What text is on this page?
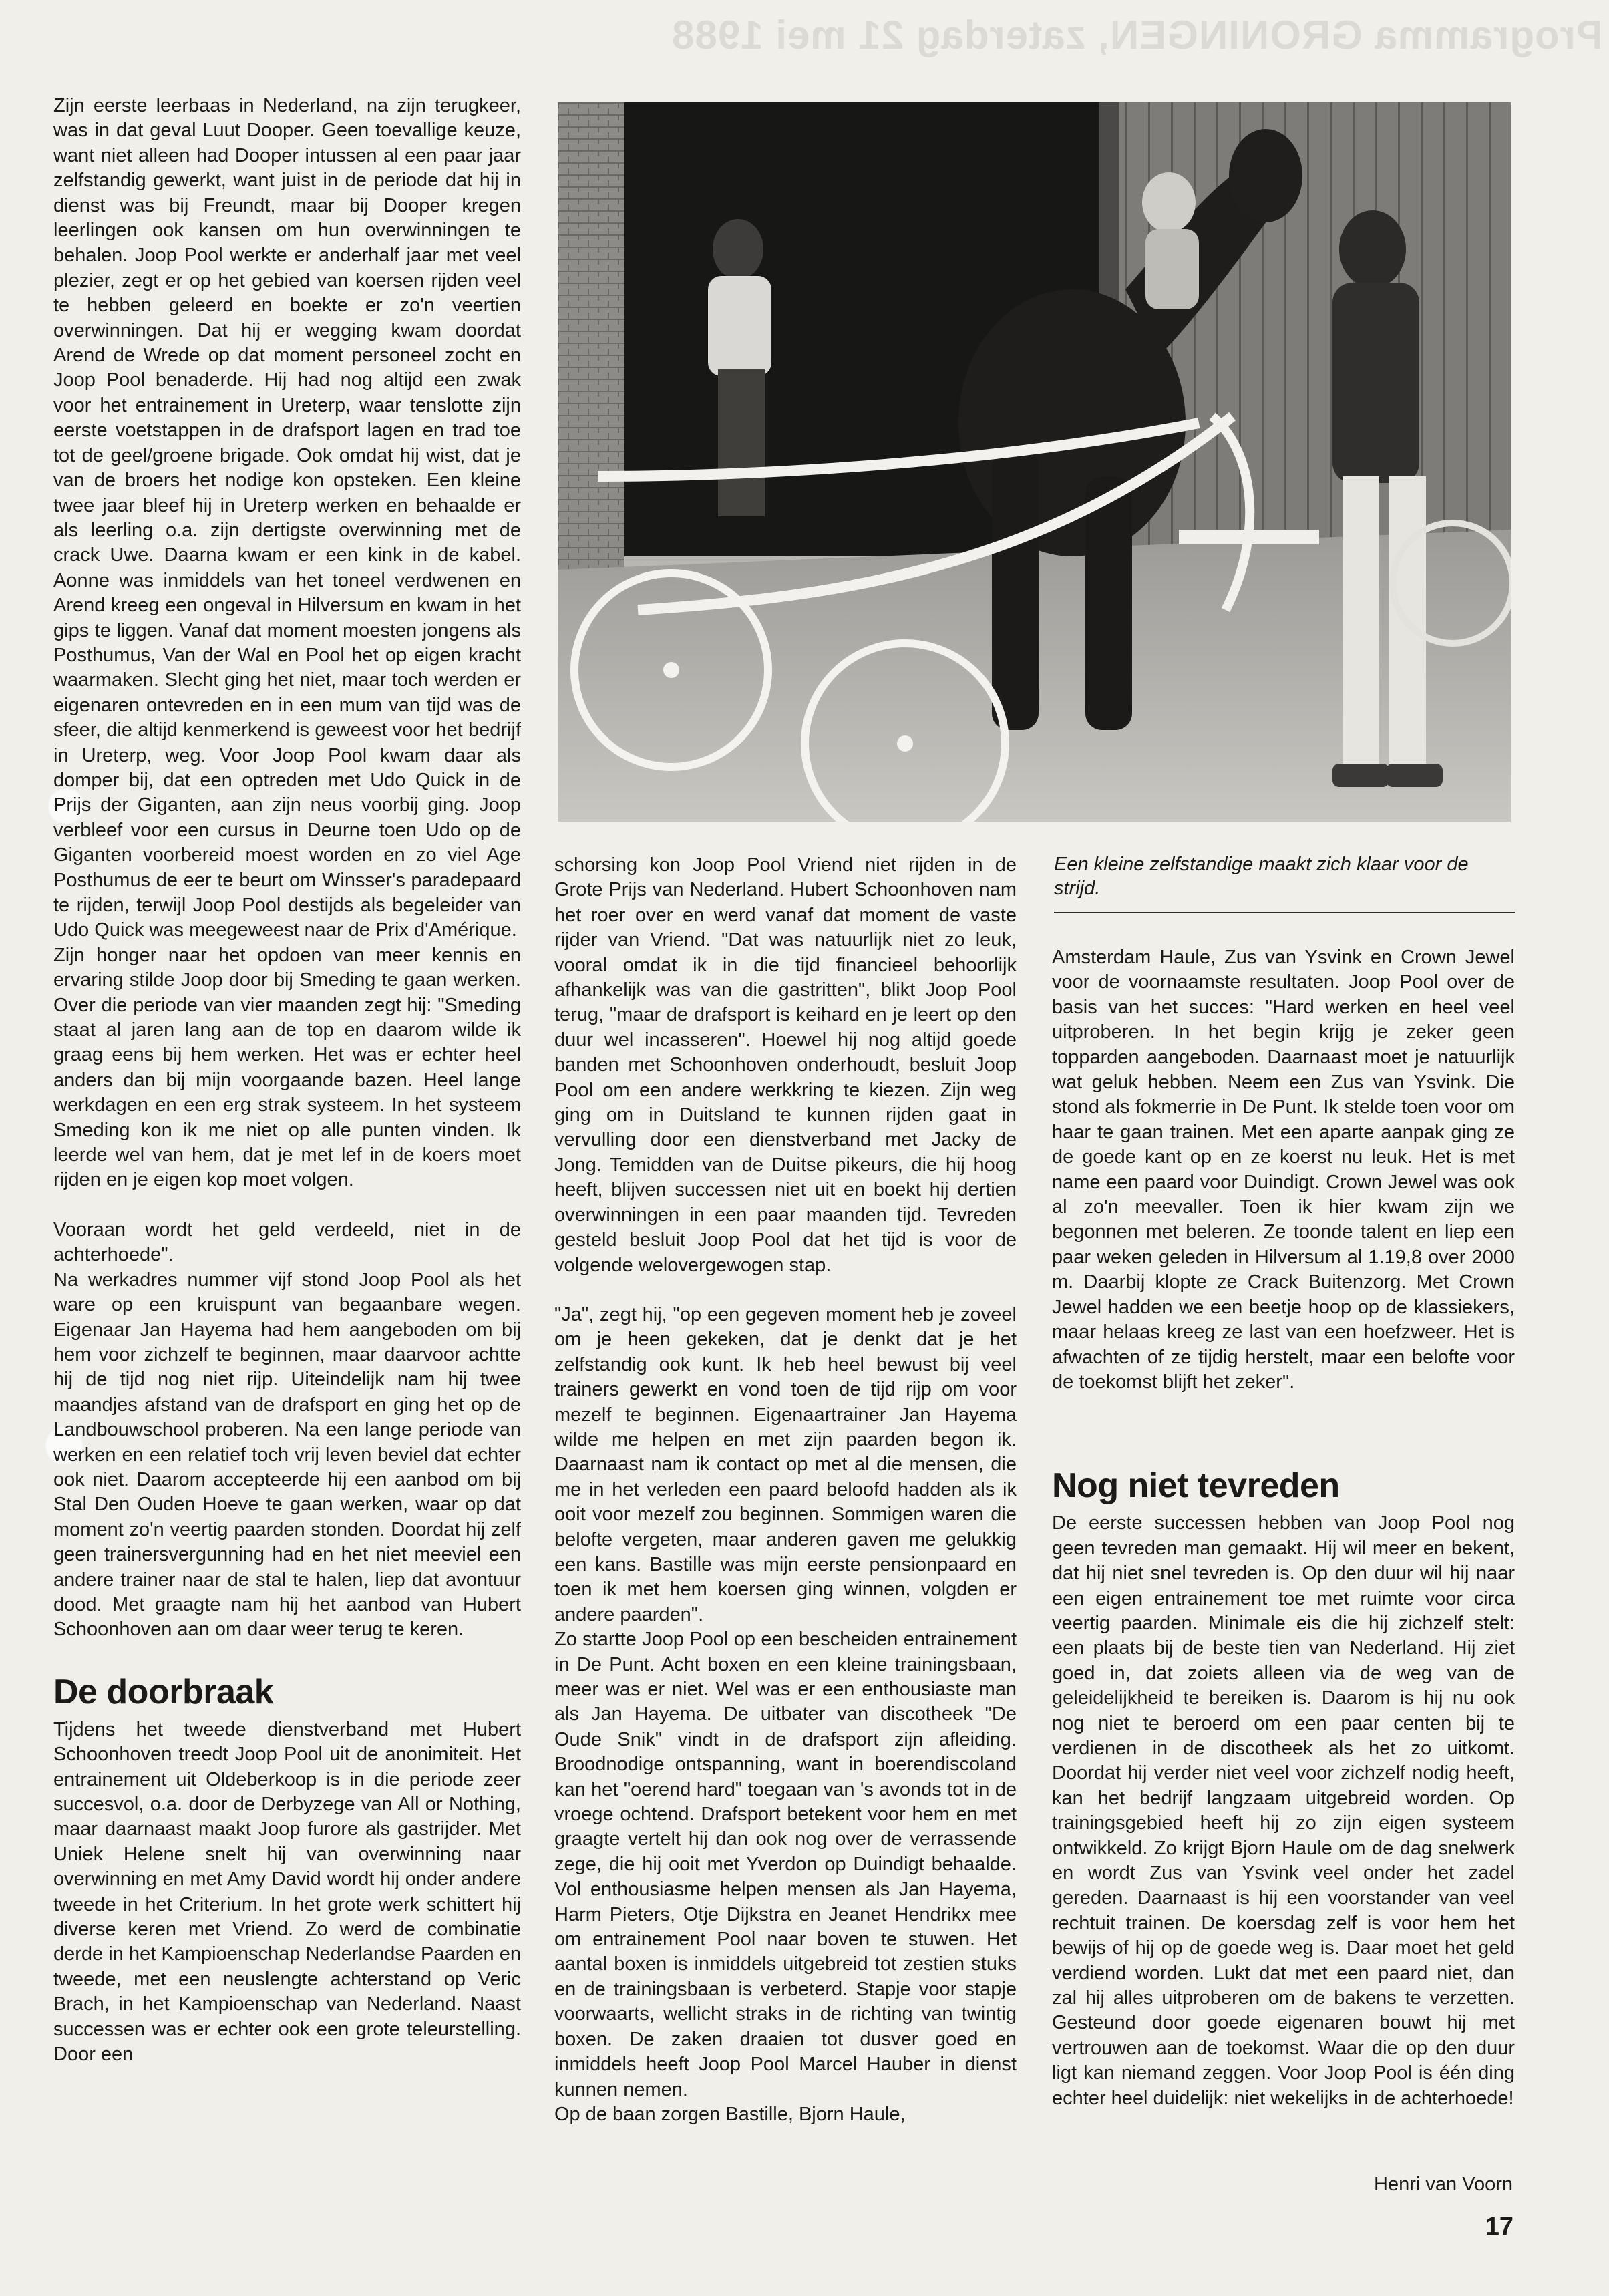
Programma GRONINGEN, zaterdag 21 mei 1988

Zijn eerste leerbaas in Nederland, na zijn terugkeer, was in dat geval Luut Dooper. Geen toevallige keuze, want niet alleen had Dooper intussen al een paar jaar zelfstandig gewerkt, want juist in de periode dat hij in dienst was bij Freundt, maar bij Dooper kregen leerlingen ook kansen om hun overwinningen te behalen. Joop Pool werkte er anderhalf jaar met veel plezier, zegt er op het gebied van koersen rijden veel te hebben geleerd en boekte er zo'n veertien overwinningen. Dat hij er wegging kwam doordat Arend de Wrede op dat moment personeel zocht en Joop Pool benaderde. Hij had nog altijd een zwak voor het entrainement in Ureterp, waar tenslotte zijn eerste voetstappen in de drafsport lagen en trad toe tot de geel/groene brigade. Ook omdat hij wist, dat je van de broers het nodige kon opsteken. Een kleine twee jaar bleef hij in Ureterp werken en behaalde er als leerling o.a. zijn dertigste overwinning met de crack Uwe. Daarna kwam er een kink in de kabel. Aonne was inmiddels van het toneel verdwenen en Arend kreeg een ongeval in Hilversum en kwam in het gips te liggen. Vanaf dat moment moesten jongens als Posthumus, Van der Wal en Pool het op eigen kracht waarmaken. Slecht ging het niet, maar toch werden er eigenaren ontevreden en in een mum van tijd was de sfeer, die altijd kenmerkend is geweest voor het bedrijf in Ureterp, weg. Voor Joop Pool kwam daar als domper bij, dat een optreden met Udo Quick in de Prijs der Giganten, aan zijn neus voorbij ging. Joop verbleef voor een cursus in Deurne toen Udo op de Giganten voorbereid moest worden en zo viel Age Posthumus de eer te beurt om Winsser's paradepaard te rijden, terwijl Joop Pool destijds als begeleider van Udo Quick was meegeweest naar de Prix d'Amérique.

Zijn honger naar het opdoen van meer kennis en ervaring stilde Joop door bij Smeding te gaan werken. Over die periode van vier maanden zegt hij: "Smeding staat al jaren lang aan de top en daarom wilde ik graag eens bij hem werken. Het was er echter heel anders dan bij mijn voorgaande bazen. Heel lange werkdagen en een erg strak systeem. In het systeem Smeding kon ik me niet op alle punten vinden. Ik leerde wel van hem, dat je met lef in de koers moet rijden en je eigen kop moet volgen.

Vooraan wordt het geld verdeeld, niet in de achterhoede".

Na werkadres nummer vijf stond Joop Pool als het ware op een kruispunt van begaanbare wegen. Eigenaar Jan Hayema had hem aangeboden om bij hem voor zichzelf te beginnen, maar daarvoor achtte hij de tijd nog niet rijp. Uiteindelijk nam hij twee maandjes afstand van de drafsport en ging het op de Landbouwschool proberen. Na een lange periode van werken en een relatief toch vrij leven beviel dat echter ook niet. Daarom accepteerde hij een aanbod om bij Stal Den Ouden Hoeve te gaan werken, waar op dat moment zo'n veertig paarden stonden. Doordat hij zelf geen trainersvergunning had en het niet meeviel een andere trainer naar de stal te halen, liep dat avontuur dood. Met graagte nam hij het aanbod van Hubert Schoonhoven aan om daar weer terug te keren.

De doorbraak

Tijdens het tweede dienstverband met Hubert Schoonhoven treedt Joop Pool uit de anonimiteit. Het entrainement uit Oldeberkoop is in die periode zeer succesvol, o.a. door de Derbyzege van All or Nothing, maar daarnaast maakt Joop furore als gastrijder. Met Uniek Helene snelt hij van overwinning naar overwinning en met Amy David wordt hij onder andere tweede in het Criterium. In het grote werk schittert hij diverse keren met Vriend. Zo werd de combinatie derde in het Kampioenschap Nederlandse Paarden en tweede, met een neuslengte achterstand op Veric Brach, in het Kampioenschap van Nederland. Naast successen was er echter ook een grote teleurstelling. Door een

Een kleine zelfstandige maakt zich klaar voor de strijd.

schorsing kon Joop Pool Vriend niet rijden in de Grote Prijs van Nederland. Hubert Schoonhoven nam het roer over en werd vanaf dat moment de vaste rijder van Vriend. "Dat was natuurlijk niet zo leuk, vooral omdat ik in die tijd financieel behoorlijk afhankelijk was van die gastritten", blikt Joop Pool terug, "maar de drafsport is keihard en je leert op den duur wel incasseren". Hoewel hij nog altijd goede banden met Schoonhoven onderhoudt, besluit Joop Pool om een andere werkkring te kiezen. Zijn weg ging om in Duitsland te kunnen rijden gaat in vervulling door een dienstverband met Jacky de Jong. Temidden van de Duitse pikeurs, die hij hoog heeft, blijven successen niet uit en boekt hij dertien overwinningen in een paar maanden tijd. Tevreden gesteld besluit Joop Pool dat het tijd is voor de volgende welovergewogen stap.

"Ja", zegt hij, "op een gegeven moment heb je zoveel om je heen gekeken, dat je denkt dat je het zelfstandig ook kunt. Ik heb heel bewust bij veel trainers gewerkt en vond toen de tijd rijp om voor mezelf te beginnen. Eigenaartrainer Jan Hayema wilde me helpen en met zijn paarden begon ik. Daarnaast nam ik contact op met al die mensen, die me in het verleden een paard beloofd hadden als ik ooit voor mezelf zou beginnen. Sommigen waren die belofte vergeten, maar anderen gaven me gelukkig een kans. Bastille was mijn eerste pensionpaard en toen ik met hem koersen ging winnen, volgden er andere paarden".

Zo startte Joop Pool op een bescheiden entrainement in De Punt. Acht boxen en een kleine trainingsbaan, meer was er niet. Wel was er een enthousiaste man als Jan Hayema. De uitbater van discotheek "De Oude Snik" vindt in de drafsport zijn afleiding. Broodnodige ontspanning, want in boerendiscoland kan het "oerend hard" toegaan van 's avonds tot in de vroege ochtend. Drafsport betekent voor hem en met graagte vertelt hij dan ook nog over de verrassende zege, die hij ooit met Yverdon op Duindigt behaalde. Vol enthousiasme helpen mensen als Jan Hayema, Harm Pieters, Otje Dijkstra en Jeanet Hendrikx mee om entrainement Pool naar boven te stuwen. Het aantal boxen is inmiddels uitgebreid tot zestien stuks en de trainingsbaan is verbeterd. Stapje voor stapje voorwaarts, wellicht straks in de richting van twintig boxen. De zaken draaien tot dusver goed en inmiddels heeft Joop Pool Marcel Hauber in dienst kunnen nemen.

Op de baan zorgen Bastille, Bjorn Haule,

Amsterdam Haule, Zus van Ysvink en Crown Jewel voor de voornaamste resultaten. Joop Pool over de basis van het succes: "Hard werken en heel veel uitproberen. In het begin krijg je zeker geen topparden aangeboden. Daarnaast moet je natuurlijk wat geluk hebben. Neem een Zus van Ysvink. Die stond als fokmerrie in De Punt. Ik stelde toen voor om haar te gaan trainen. Met een aparte aanpak ging ze de goede kant op en ze koerst nu leuk. Het is met name een paard voor Duindigt. Crown Jewel was ook al zo'n meevaller. Toen ik hier kwam zijn we begonnen met beleren. Ze toonde talent en liep een paar weken geleden in Hilversum al 1.19,8 over 2000 m. Daarbij klopte ze Crack Buitenzorg. Met Crown Jewel hadden we een beetje hoop op de klassiekers, maar helaas kreeg ze last van een hoefzweer. Het is afwachten of ze tijdig herstelt, maar een belofte voor de toekomst blijft het zeker".

Nog niet tevreden

De eerste successen hebben van Joop Pool nog geen tevreden man gemaakt. Hij wil meer en bekent, dat hij niet snel tevreden is. Op den duur wil hij naar een eigen entrainement toe met ruimte voor circa veertig paarden. Minimale eis die hij zichzelf stelt: een plaats bij de beste tien van Nederland. Hij ziet goed in, dat zoiets alleen via de weg van de geleidelijkheid te bereiken is. Daarom is hij nu ook nog niet te beroerd om een paar centen bij te verdienen in de discotheek als het zo uitkomt. Doordat hij verder niet veel voor zichzelf nodig heeft, kan het bedrijf langzaam uitgebreid worden. Op trainingsgebied heeft hij zo zijn eigen systeem ontwikkeld. Zo krijgt Bjorn Haule om de dag snelwerk en wordt Zus van Ysvink veel onder het zadel gereden. Daarnaast is hij een voorstander van veel rechtuit trainen. De koersdag zelf is voor hem het bewijs of hij op de goede weg is. Daar moet het geld verdiend worden. Lukt dat met een paard niet, dan zal hij alles uitproberen om de bakens te verzetten. Gesteund door goede eigenaren bouwt hij met vertrouwen aan de toekomst. Waar die op den duur ligt kan niemand zeggen. Voor Joop Pool is één ding echter heel duidelijk: niet wekelijks in de achterhoede!

Henri van Voorn
17
